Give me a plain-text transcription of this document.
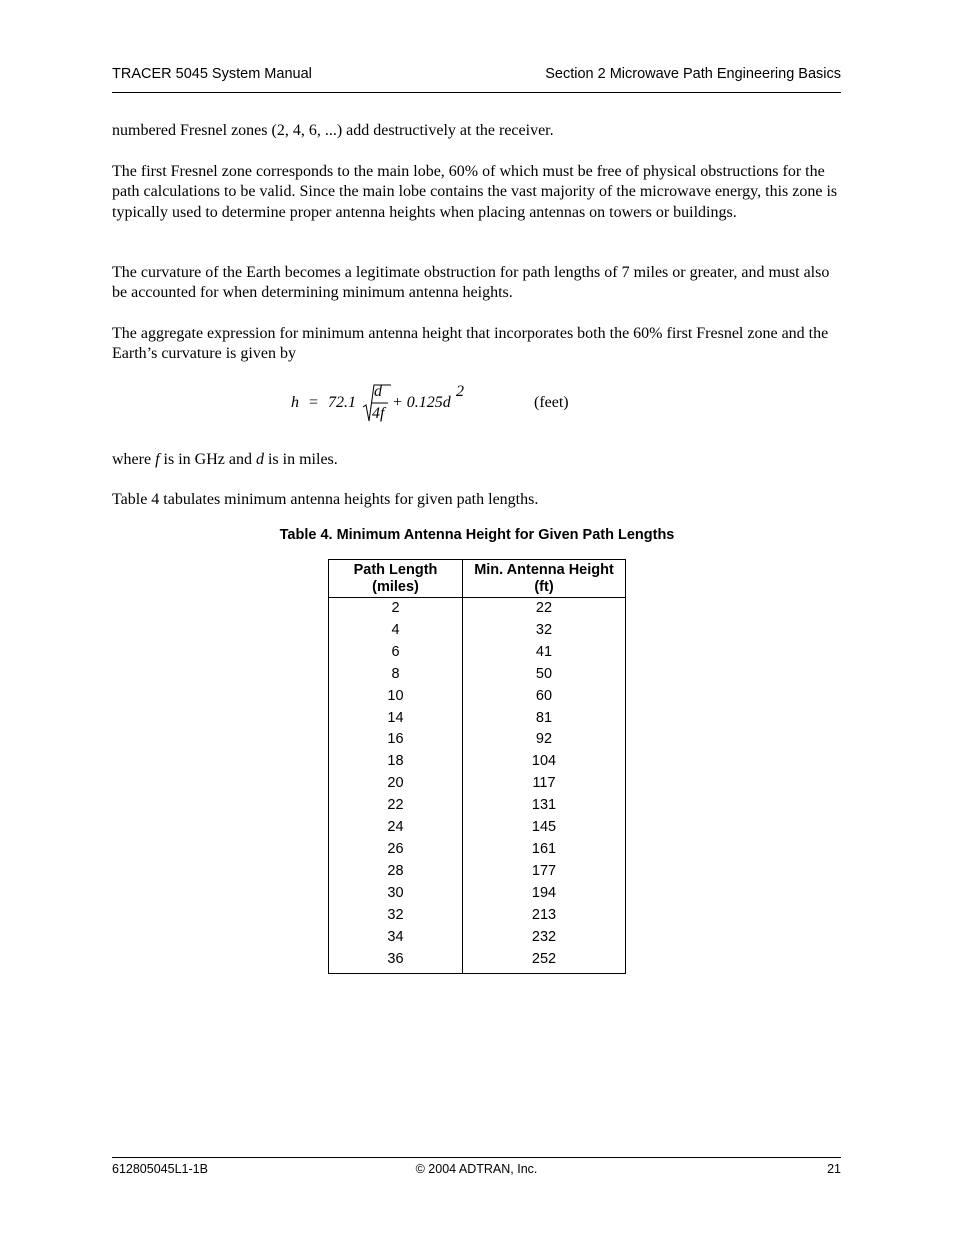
TRACER 5045 System Manual	Section 2 Microwave Path Engineering Basics
numbered Fresnel zones (2, 4, 6, ...) add destructively at the receiver.
The first Fresnel zone corresponds to the main lobe, 60% of which must be free of physical obstructions for the path calculations to be valid. Since the main lobe contains the vast majority of the microwave energy, this zone is typically used to determine proper antenna heights when placing antennas on towers or buildings.
The curvature of the Earth becomes a legitimate obstruction for path lengths of 7 miles or greater, and must also be accounted for when determining minimum antenna heights.
The aggregate expression for minimum antenna height that incorporates both the 60% first Fresnel zone and the Earth’s curvature is given by
h = 72.1
d
4f
+ 0.125d
2
(feet)
where f is in GHz and d is in miles.
Table 4 tabulates minimum antenna heights for given path lengths.
Table 4. Minimum Antenna Height for Given Path Lengths
Path Length
(miles)	Min. Antenna Height
(ft)
2	22
4	32
6	41
8	50
10	60
14	81
16	92
18	104
20	117
22	131
24	145
26	161
28	177
30	194
32	213
34	232
36	252
612805045L1-1B	© 2004 ADTRAN, Inc.	21
